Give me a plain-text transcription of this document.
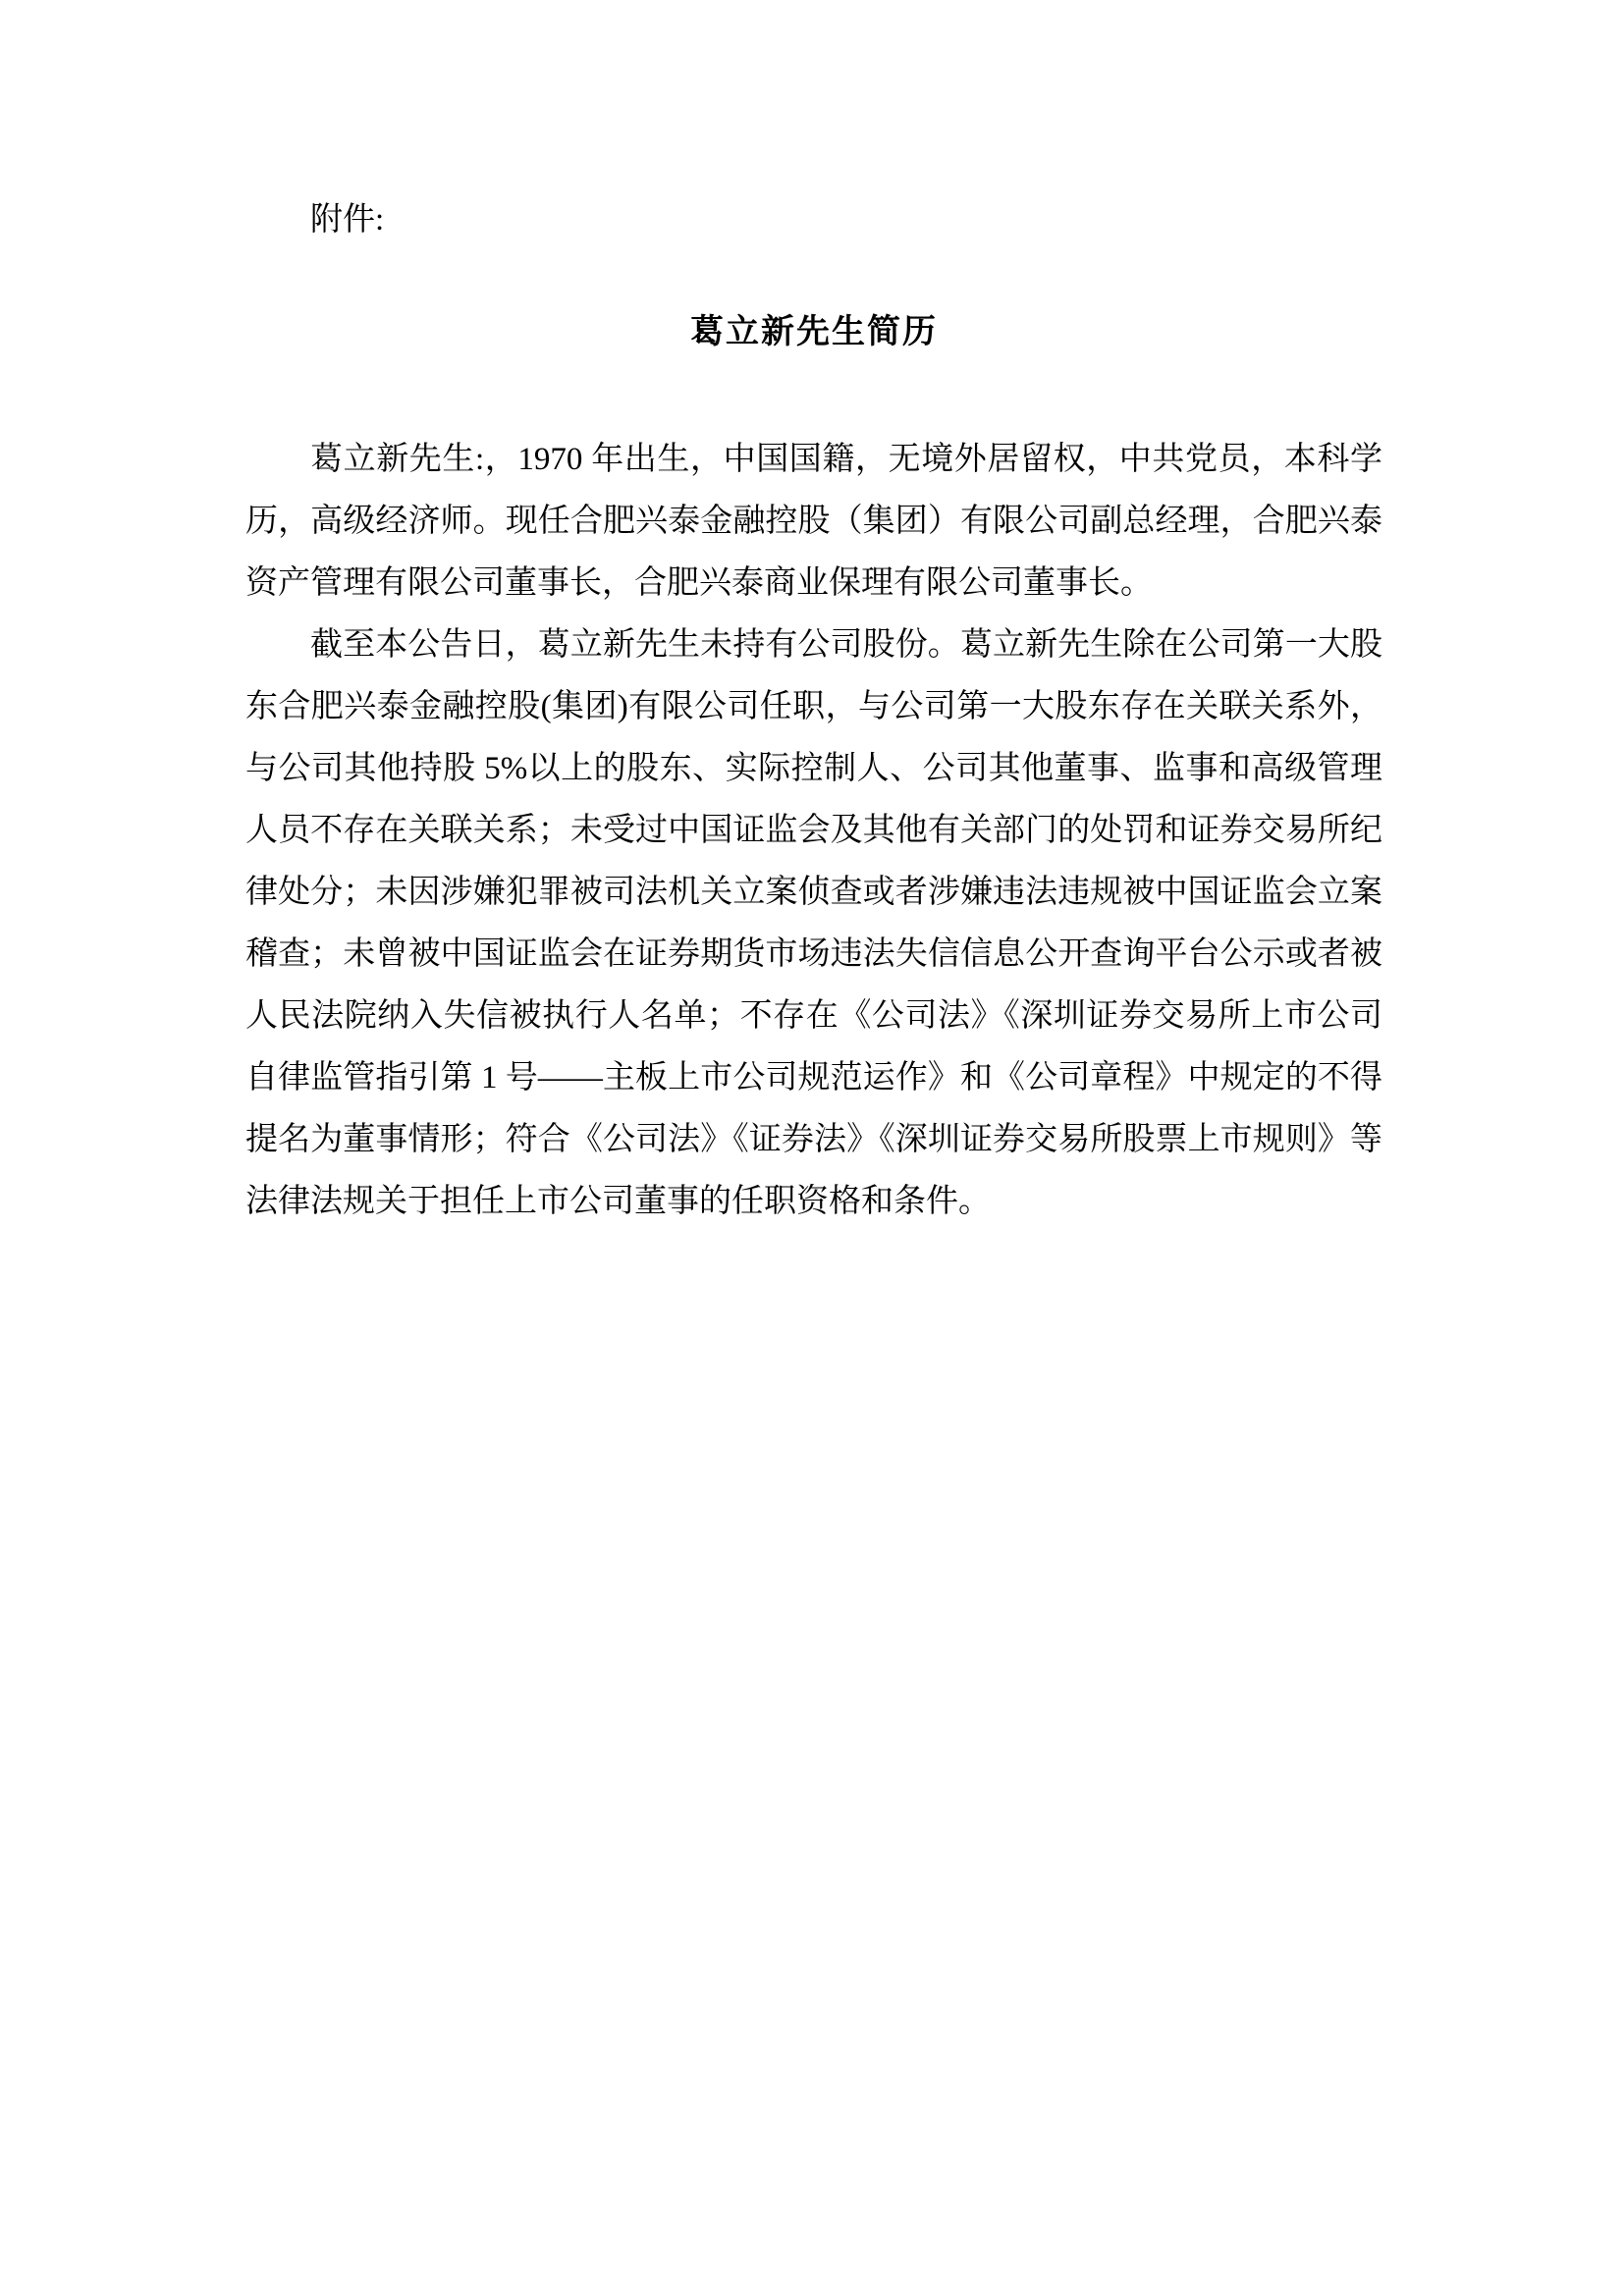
附件:
葛立新先生简历

葛立新先生:，1970 年出生，中国国籍，无境外居留权，中共党员，本科学历，高级经济师。现任合肥兴泰金融控股（集团）有限公司副总经理，合肥兴泰资产管理有限公司董事长，合肥兴泰商业保理有限公司董事长。

截至本公告日，葛立新先生未持有公司股份。葛立新先生除在公司第一大股东合肥兴泰金融控股(集团)有限公司任职，与公司第一大股东存在关联关系外，与公司其他持股 5%以上的股东、实际控制人、公司其他董事、监事和高级管理人员不存在关联关系；未受过中国证监会及其他有关部门的处罚和证券交易所纪律处分；未因涉嫌犯罪被司法机关立案侦查或者涉嫌违法违规被中国证监会立案稽查；未曾被中国证监会在证券期货市场违法失信信息公开查询平台公示或者被人民法院纳入失信被执行人名单；不存在《公司法》《深圳证券交易所上市公司自律监管指引第 1 号——主板上市公司规范运作》和《公司章程》中规定的不得提名为董事情形；符合《公司法》《证券法》《深圳证券交易所股票上市规则》等法律法规关于担任上市公司董事的任职资格和条件。
